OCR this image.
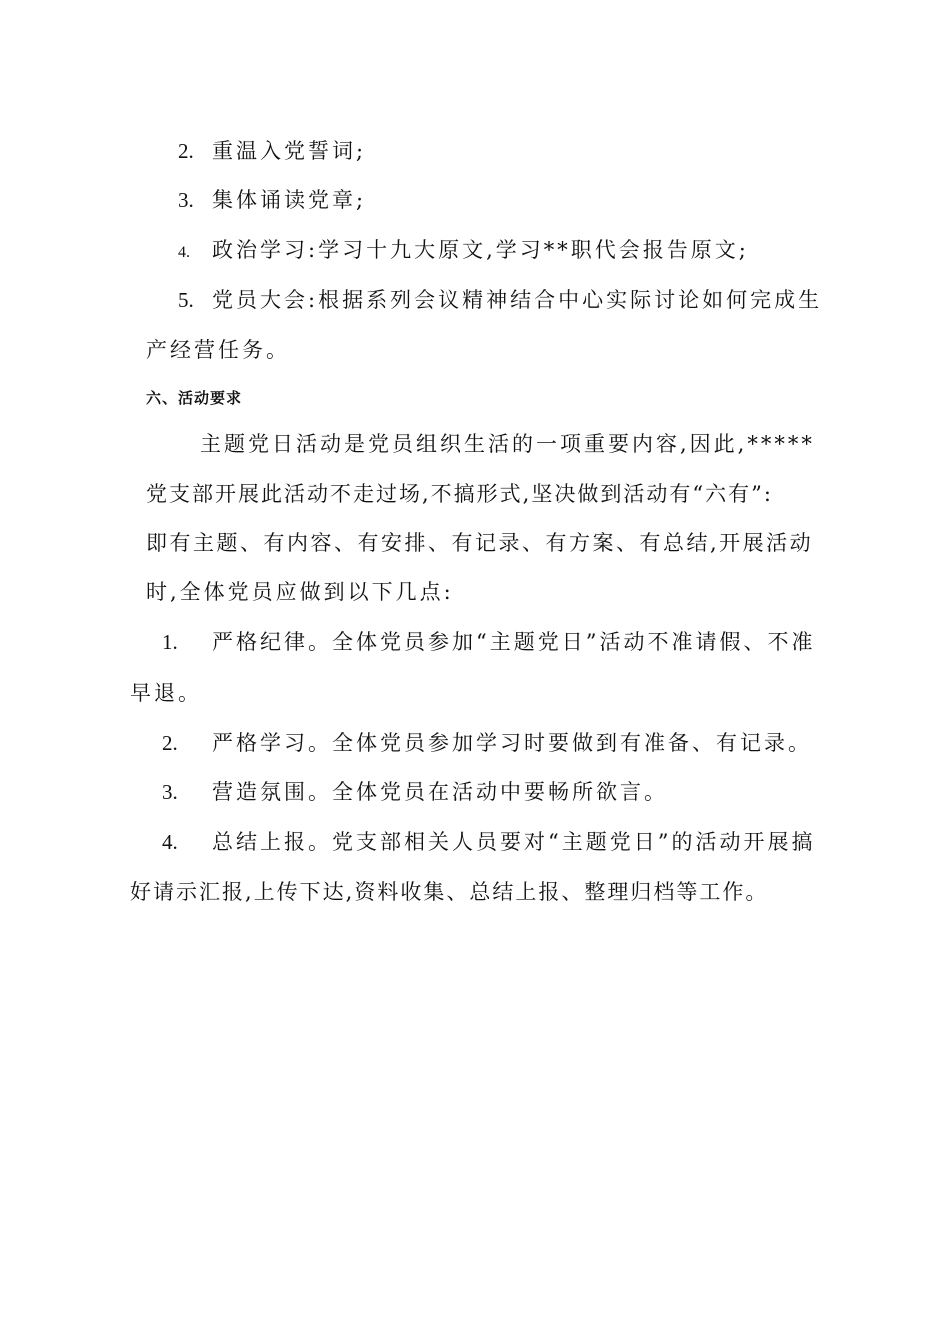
2. 重温入党誓词;
3. 集体诵读党章;
4. 政治学习:学习十九大原文,学习**职代会报告原文;
5. 党员大会:根据系列会议精神结合中心实际讨论如何完成生
产经营任务。
六、活动要求
主题党日活动是党员组织生活的一项重要内容,因此,*****
党支部开展此活动不走过场,不搞形式,坚决做到活动有“六有”:
即有主题、有内容、有安排、有记录、有方案、有总结,开展活动
时,全体党员应做到以下几点:
1. 严格纪律。全体党员参加“主题党日”活动不准请假、不准
早退。
2. 严格学习。全体党员参加学习时要做到有准备、有记录。
3. 营造氛围。全体党员在活动中要畅所欲言。
4. 总结上报。党支部相关人员要对“主题党日”的活动开展搞
好请示汇报,上传下达,资料收集、总结上报、整理归档等工作。
